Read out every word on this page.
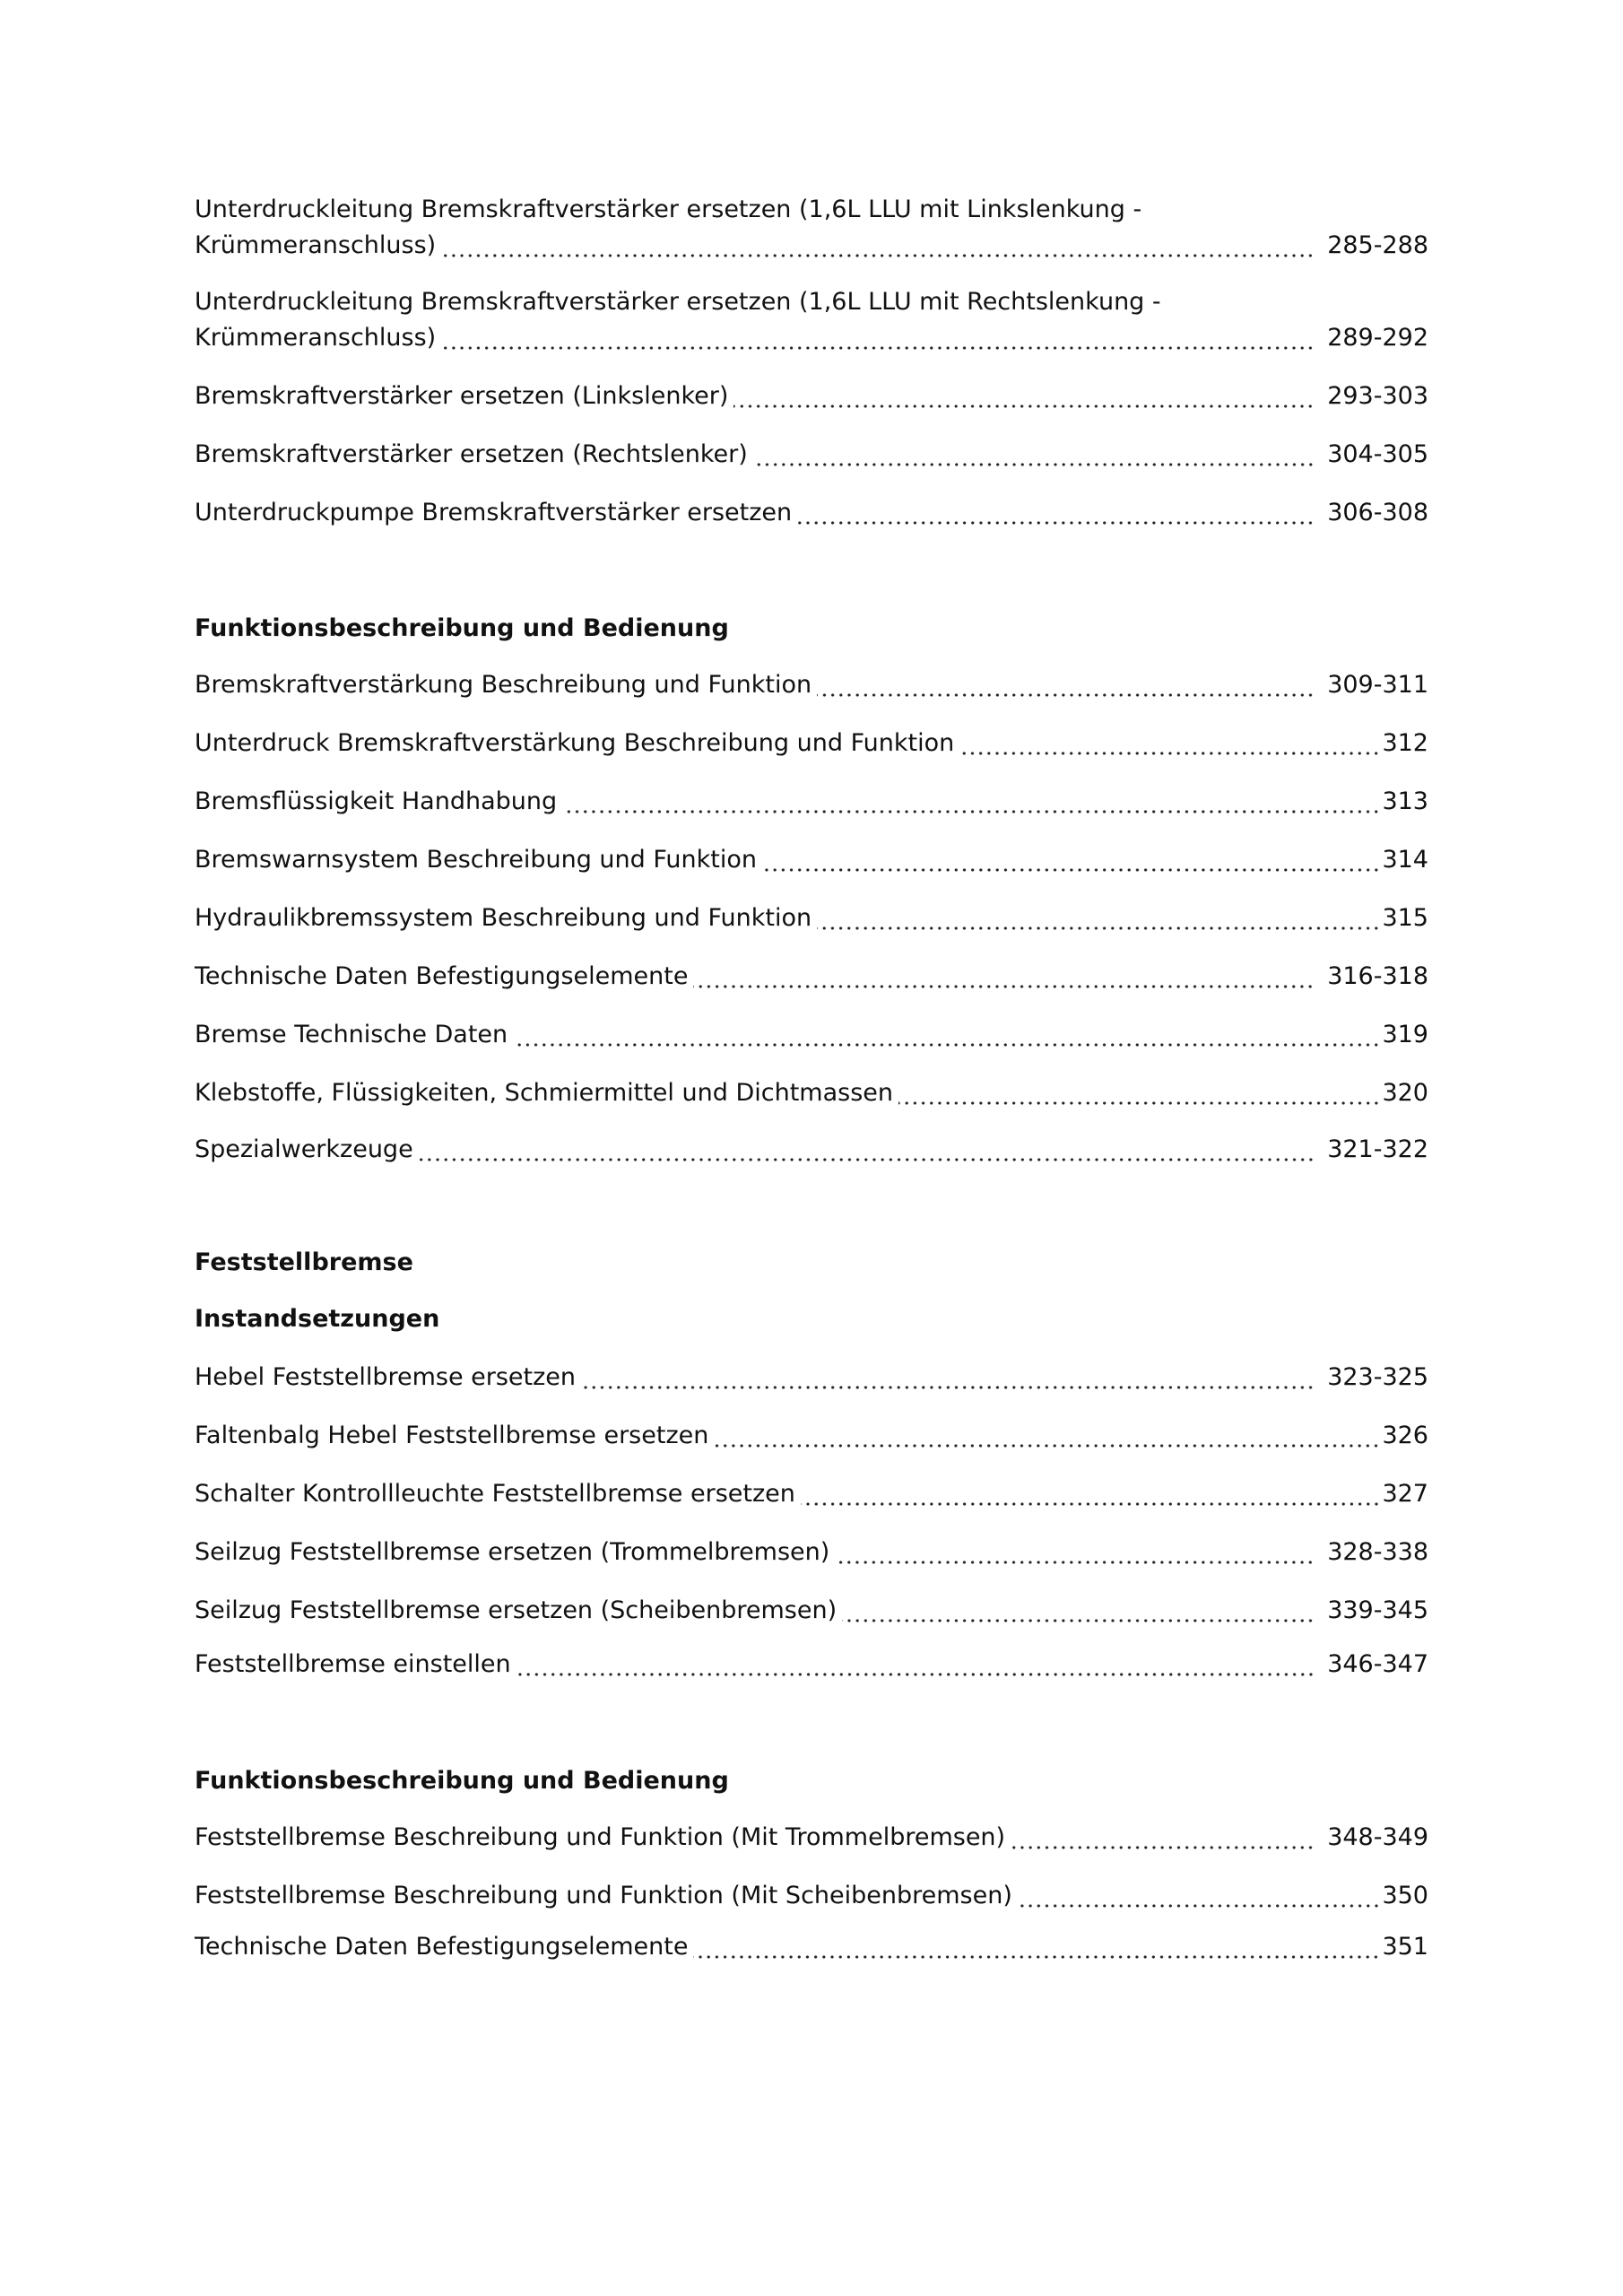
Unterdruckleitung Bremskraftverstärker ersetzen (1,6L LLU mit Linkslenkung -
Krümmeranschluss)	285-288
Unterdruckleitung Bremskraftverstärker ersetzen (1,6L LLU mit Rechtslenkung -
Krümmeranschluss)	289-292
Bremskraftverstärker ersetzen (Linkslenker)	293-303
Bremskraftverstärker ersetzen (Rechtslenker)	304-305
Unterdruckpumpe Bremskraftverstärker ersetzen	306-308
Funktionsbeschreibung und Bedienung
Bremskraftverstärkung Beschreibung und Funktion	309-311
Unterdruck Bremskraftverstärkung Beschreibung und Funktion	312
Bremsflüssigkeit Handhabung	313
Bremswarnsystem Beschreibung und Funktion	314
Hydraulikbremssystem Beschreibung und Funktion	315
Technische Daten Befestigungselemente	316-318
Bremse Technische Daten	319
Klebstoffe, Flüssigkeiten, Schmiermittel und Dichtmassen	320
Spezialwerkzeuge	321-322
Feststellbremse
Instandsetzungen
Hebel Feststellbremse ersetzen	323-325
Faltenbalg Hebel Feststellbremse ersetzen	326
Schalter Kontrollleuchte Feststellbremse ersetzen	327
Seilzug Feststellbremse ersetzen (Trommelbremsen)	328-338
Seilzug Feststellbremse ersetzen (Scheibenbremsen)	339-345
Feststellbremse einstellen	346-347
Funktionsbeschreibung und Bedienung
Feststellbremse Beschreibung und Funktion (Mit Trommelbremsen)	348-349
Feststellbremse Beschreibung und Funktion (Mit Scheibenbremsen)	350
Technische Daten Befestigungselemente	351
